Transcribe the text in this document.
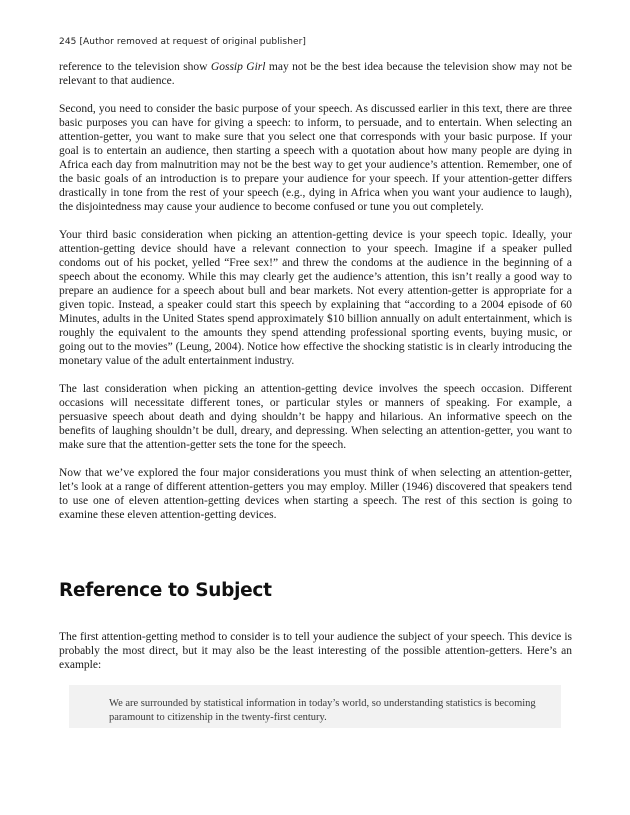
245 [Author removed at request of original publisher]

reference to the television show Gossip Girl may not be the best idea because the television show may not be relevant to that audience.

Second, you need to consider the basic purpose of your speech. As discussed earlier in this text, there are three basic purposes you can have for giving a speech: to inform, to persuade, and to entertain. When selecting an attention-getter, you want to make sure that you select one that corresponds with your basic purpose. If your goal is to entertain an audience, then starting a speech with a quotation about how many people are dying in Africa each day from malnutrition may not be the best way to get your audience’s attention. Remember, one of the basic goals of an introduction is to prepare your audience for your speech. If your attention-getter differs drastically in tone from the rest of your speech (e.g., dying in Africa when you want your audience to laugh), the disjointedness may cause your audience to become confused or tune you out completely.

Your third basic consideration when picking an attention-getting device is your speech topic. Ideally, your attention-getting device should have a relevant connection to your speech. Imagine if a speaker pulled condoms out of his pocket, yelled “Free sex!” and threw the condoms at the audience in the beginning of a speech about the economy. While this may clearly get the audience’s attention, this isn’t really a good way to prepare an audience for a speech about bull and bear markets. Not every attention-getter is appropriate for a given topic. Instead, a speaker could start this speech by explaining that “according to a 2004 episode of 60 Minutes, adults in the United States spend approximately $10 billion annually on adult entertainment, which is roughly the equivalent to the amounts they spend attending professional sporting events, buying music, or going out to the movies” (Leung, 2004). Notice how effective the shocking statistic is in clearly introducing the monetary value of the adult entertainment industry.

The last consideration when picking an attention-getting device involves the speech occasion. Different occasions will necessitate different tones, or particular styles or manners of speaking. For example, a persuasive speech about death and dying shouldn’t be happy and hilarious. An informative speech on the benefits of laughing shouldn’t be dull, dreary, and depressing. When selecting an attention-getter, you want to make sure that the attention-getter sets the tone for the speech.

Now that we’ve explored the four major considerations you must think of when selecting an attention-getter, let’s look at a range of different attention-getters you may employ. Miller (1946) discovered that speakers tend to use one of eleven attention-getting devices when starting a speech. The rest of this section is going to examine these eleven attention-getting devices.

Reference to Subject

The first attention-getting method to consider is to tell your audience the subject of your speech. This device is probably the most direct, but it may also be the least interesting of the possible attention-getters. Here’s an example:

We are surrounded by statistical information in today’s world, so understanding statistics is becoming paramount to citizenship in the twenty-first century.
